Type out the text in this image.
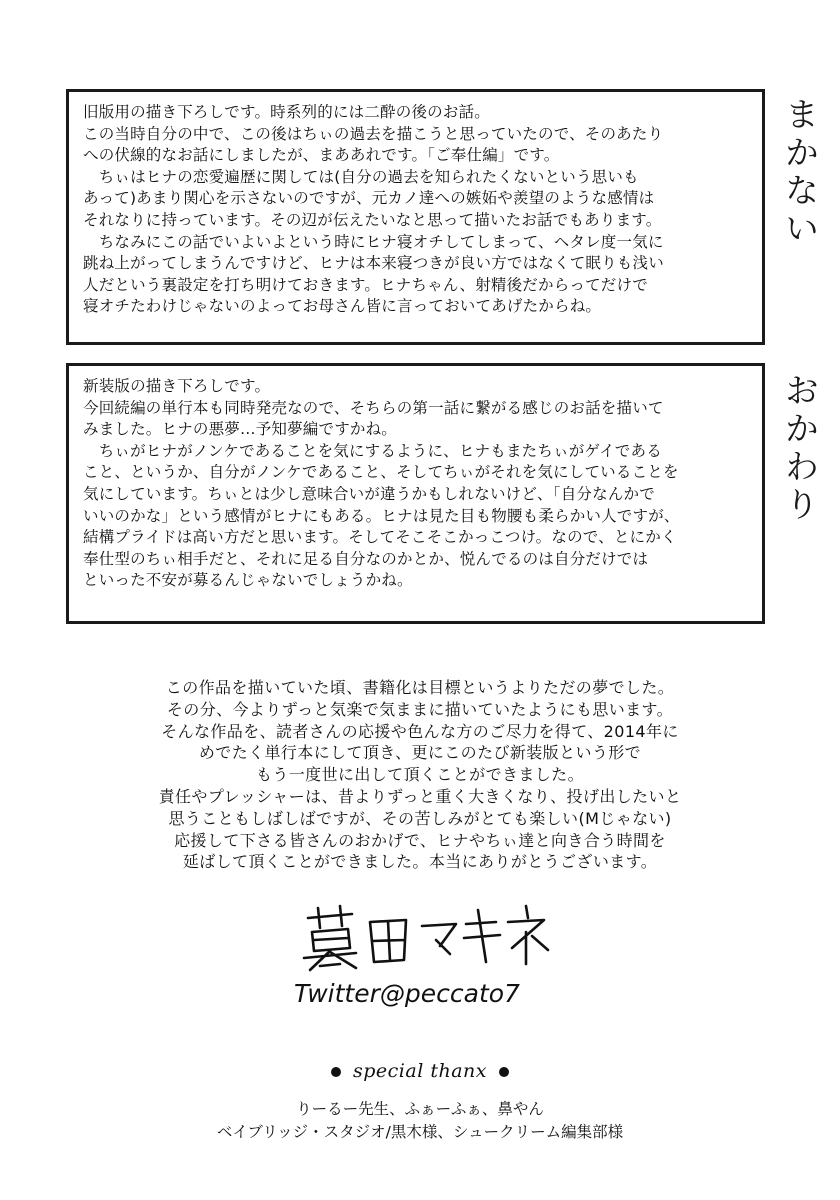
旧版用の描き下ろしです。時系列的には二酔の後のお話。

この当時自分の中で、この後はちぃの過去を描こうと思っていたので、そのあたり

への伏線的なお話にしましたが、まああれです。「ご奉仕編」です。

　ちぃはヒナの恋愛遍歴に関しては(自分の過去を知られたくないという思いも

あって)あまり関心を示さないのですが、元カノ達への嫉妬や羨望のような感情は

それなりに持っています。その辺が伝えたいなと思って描いたお話でもあります。

　ちなみにこの話でいよいよという時にヒナ寝オチしてしまって、ヘタレ度一気に

跳ね上がってしまうんですけど、ヒナは本来寝つきが良い方ではなくて眠りも浅い

人だという裏設定を打ち明けておきます。ヒナちゃん、射精後だからってだけで

寝オチたわけじゃないのよってお母さん皆に言っておいてあげたからね。

ま
か
な
い

新装版の描き下ろしです。

今回続編の単行本も同時発売なので、そちらの第一話に繋がる感じのお話を描いて

みました。ヒナの悪夢…予知夢編ですかね。

　ちぃがヒナがノンケであることを気にするように、ヒナもまたちぃがゲイである

こと、というか、自分がノンケであること、そしてちぃがそれを気にしていることを

気にしています。ちぃとは少し意味合いが違うかもしれないけど、「自分なんかで

いいのかな」という感情がヒナにもある。ヒナは見た目も物腰も柔らかい人ですが、

結構プライドは高い方だと思います。そしてそこそこかっこつけ。なので、とにかく

奉仕型のちぃ相手だと、それに足る自分なのかとか、悦んでるのは自分だけでは

といった不安が募るんじゃないでしょうかね。

お
か
わ
り
この作品を描いていた頃、書籍化は目標というよりただの夢でした。
その分、今よりずっと気楽で気ままに描いていたようにも思います。
そんな作品を、読者さんの応援や色んな方のご尽力を得て、2014年に
めでたく単行本にして頂き、更にこのたび新装版という形で
もう一度世に出して頂くことができました。
責任やプレッシャーは、昔よりずっと重く大きくなり、投げ出したいと
思うこともしばしばですが、その苦しみがとても楽しい(Mじゃない)
応援して下さる皆さんのおかげで、ヒナやちぃ達と向き合う時間を
延ばして頂くことができました。本当にありがとうございます。
Twitter@peccato7
special thanx
りーるー先生、ふぁーふぁ、鼻やん
ベイブリッジ・スタジオ/黒木様、シュークリーム編集部様
